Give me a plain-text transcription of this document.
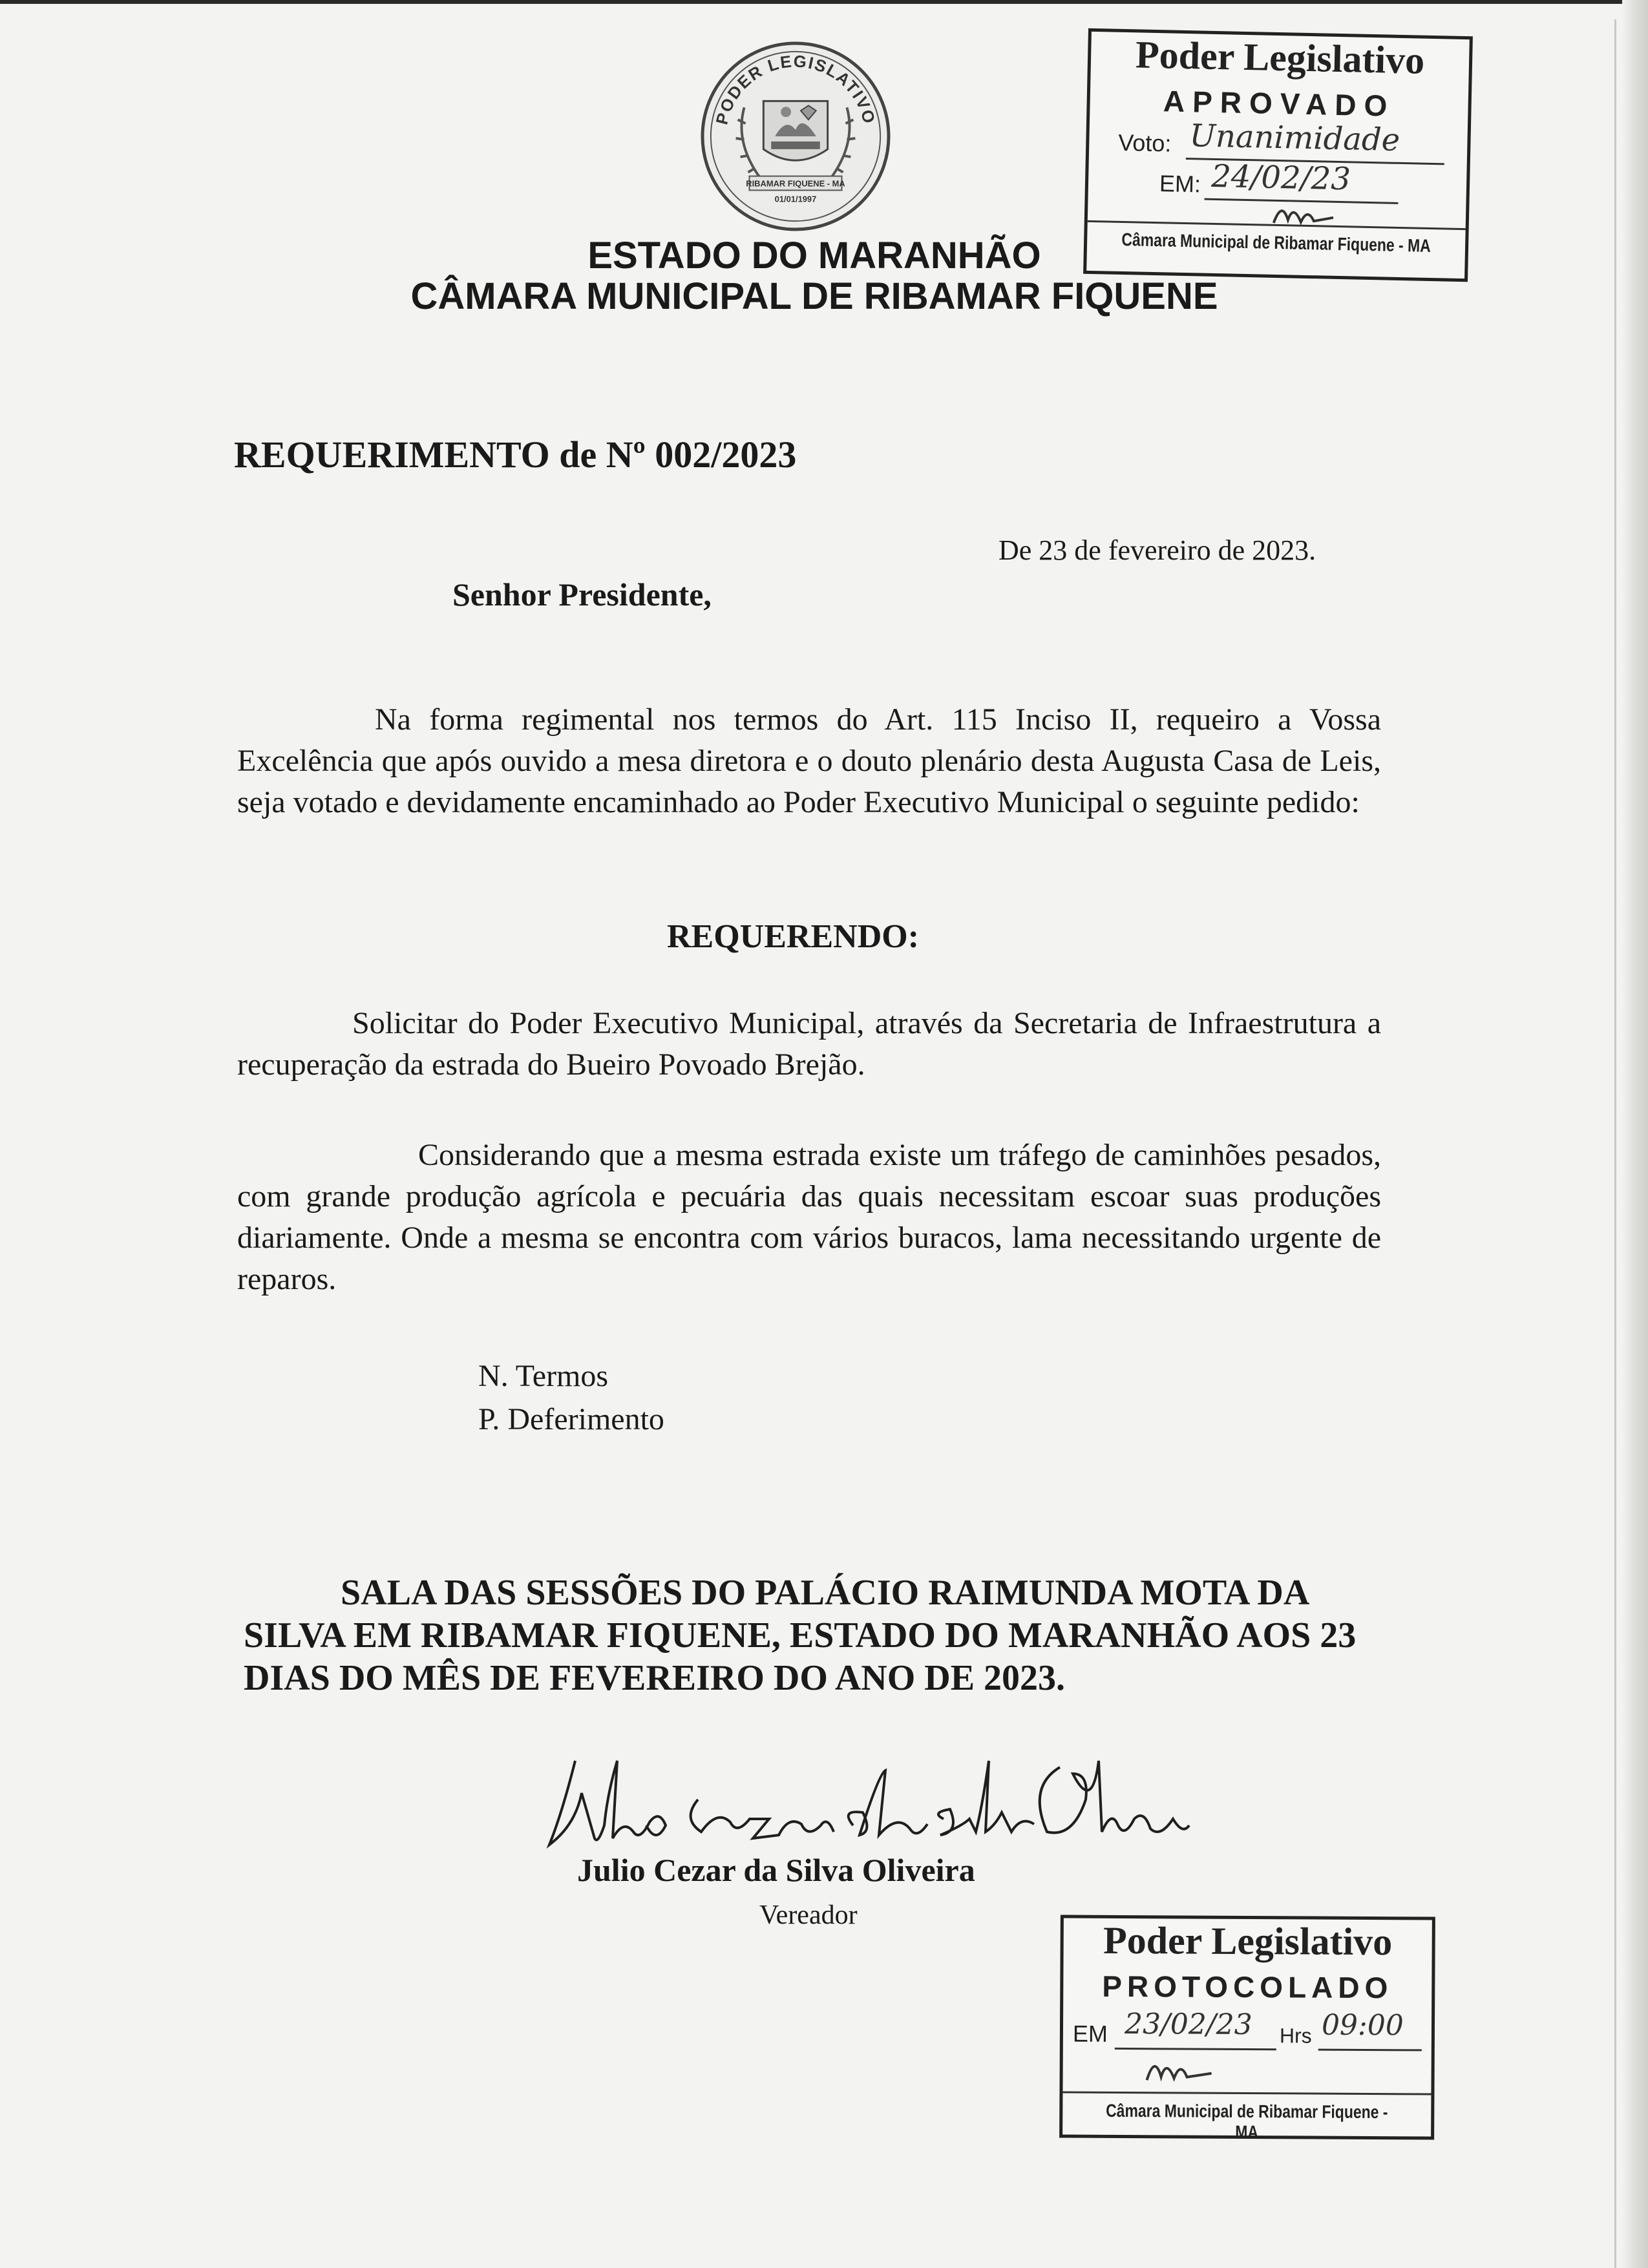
PODER LEGISLATIVO
RIBAMAR FIQUENE - MA
01/01/1997
ESTADO DO MARANHÃO
CÂMARA MUNICIPAL DE RIBAMAR FIQUENE
Poder Legislativo
APROVADO
Voto: Unanimidade
EM: 24/02/23
Câmara Municipal de Ribamar Fiquene - MA
REQUERIMENTO de Nº 002/2023
De 23 de fevereiro de 2023.
Senhor Presidente,
Na forma regimental nos termos do Art. 115 Inciso II, requeiro a Vossa Excelência que após ouvido a mesa diretora e o douto plenário desta Augusta Casa de Leis, seja votado e devidamente encaminhado ao Poder Executivo Municipal o seguinte pedido:
REQUERENDO:
Solicitar do Poder Executivo Municipal, através da Secretaria de Infraestrutura a recuperação da estrada do Bueiro Povoado Brejão.
Considerando que a mesma estrada existe um tráfego de caminhões pesados, com grande produção agrícola e pecuária das quais necessitam escoar suas produções diariamente. Onde a mesma se encontra com vários buracos, lama necessitando urgente de reparos.
N. Termos
P. Deferimento
SALA DAS SESSÕES DO PALÁCIO RAIMUNDA MOTA DA SILVA EM RIBAMAR FIQUENE, ESTADO DO MARANHÃO AOS 23 DIAS DO MÊS DE FEVEREIRO DO ANO DE 2023.
Julio Cezar da Silva Oliveira
Vereador
Poder Legislativo
PROTOCOLADO
EM 23/02/23 Hrs 09:00
Câmara Municipal de Ribamar Fiquene - MA
